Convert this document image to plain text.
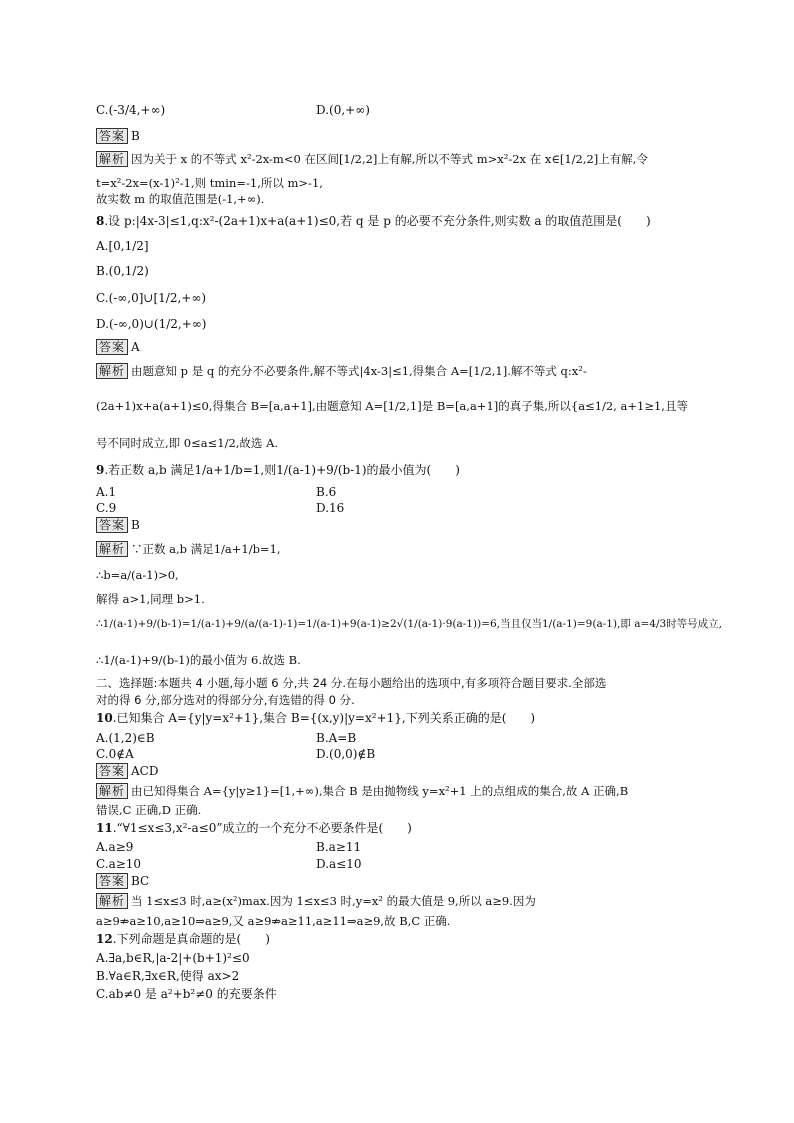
C.(-3/4,+∞)	D.(0,+∞)
答案 B
解析 因为关于 x 的不等式 x²-2x-m<0 在区间[1/2,2]上有解,所以不等式 m>x²-2x 在 x∈[1/2,2]上有解,令
t=x²-2x=(x-1)²-1,则 tmin=-1,所以 m>-1,
故实数 m 的取值范围是(-1,+∞).
8.设 p:|4x-3|≤1,q:x²-(2a+1)x+a(a+1)≤0,若 q 是 p 的必要不充分条件,则实数 a 的取值范围是(　　)
A.[0,1/2]
B.(0,1/2)
C.(-∞,0]∪[1/2,+∞)
D.(-∞,0)∪(1/2,+∞)
答案 A
解析 由题意知 p 是 q 的充分不必要条件,解不等式|4x-3|≤1,得集合 A=[1/2,1].解不等式 q:x²-
(2a+1)x+a(a+1)≤0,得集合 B=[a,a+1],由题意知 A=[1/2,1]是 B=[a,a+1]的真子集,所以{a≤1/2, a+1≥1,且等
号不同时成立,即 0≤a≤1/2,故选 A.
9.若正数 a,b 满足1/a+1/b=1,则1/(a-1)+9/(b-1)的最小值为(　　)
A.1	B.6
C.9	D.16
答案 B
解析 ∵正数 a,b 满足1/a+1/b=1,
∴b=a/(a-1)>0,
解得 a>1,同理 b>1.
∴1/(a-1)+9/(b-1)=1/(a-1)+9/(a/(a-1)-1)=1/(a-1)+9(a-1)≥2√(1/(a-1)·9(a-1))=6,当且仅当1/(a-1)=9(a-1),即 a=4/3时等号成立,
∴1/(a-1)+9/(b-1)的最小值为 6.故选 B.
二、选择题:本题共 4 小题,每小题 6 分,共 24 分.在每小题给出的选项中,有多项符合题目要求.全部选
对的得 6 分,部分选对的得部分分,有选错的得 0 分.
10.已知集合 A={y|y=x²+1},集合 B={(x,y)|y=x²+1},下列关系正确的是(　　)
A.(1,2)∈B	B.A=B
C.0∉A	D.(0,0)∉B
答案 ACD
解析 由已知得集合 A={y|y≥1}=[1,+∞),集合 B 是由抛物线 y=x²+1 上的点组成的集合,故 A 正确,B
错误,C 正确,D 正确.
11.“∀1≤x≤3,x²-a≤0”成立的一个充分不必要条件是(　　)
A.a≥9	B.a≥11
C.a≥10	D.a≤10
答案 BC
解析 当 1≤x≤3 时,a≥(x²)max.因为 1≤x≤3 时,y=x² 的最大值是 9,所以 a≥9.因为
a≥9⇏a≥10,a≥10⇒a≥9,又 a≥9⇏a≥11,a≥11⇒a≥9,故 B,C 正确.
12.下列命题是真命题的是(　　)
A.∃a,b∈R,|a-2|+(b+1)²≤0
B.∀a∈R,∃x∈R,使得 ax>2
C.ab≠0 是 a²+b²≠0 的充要条件
